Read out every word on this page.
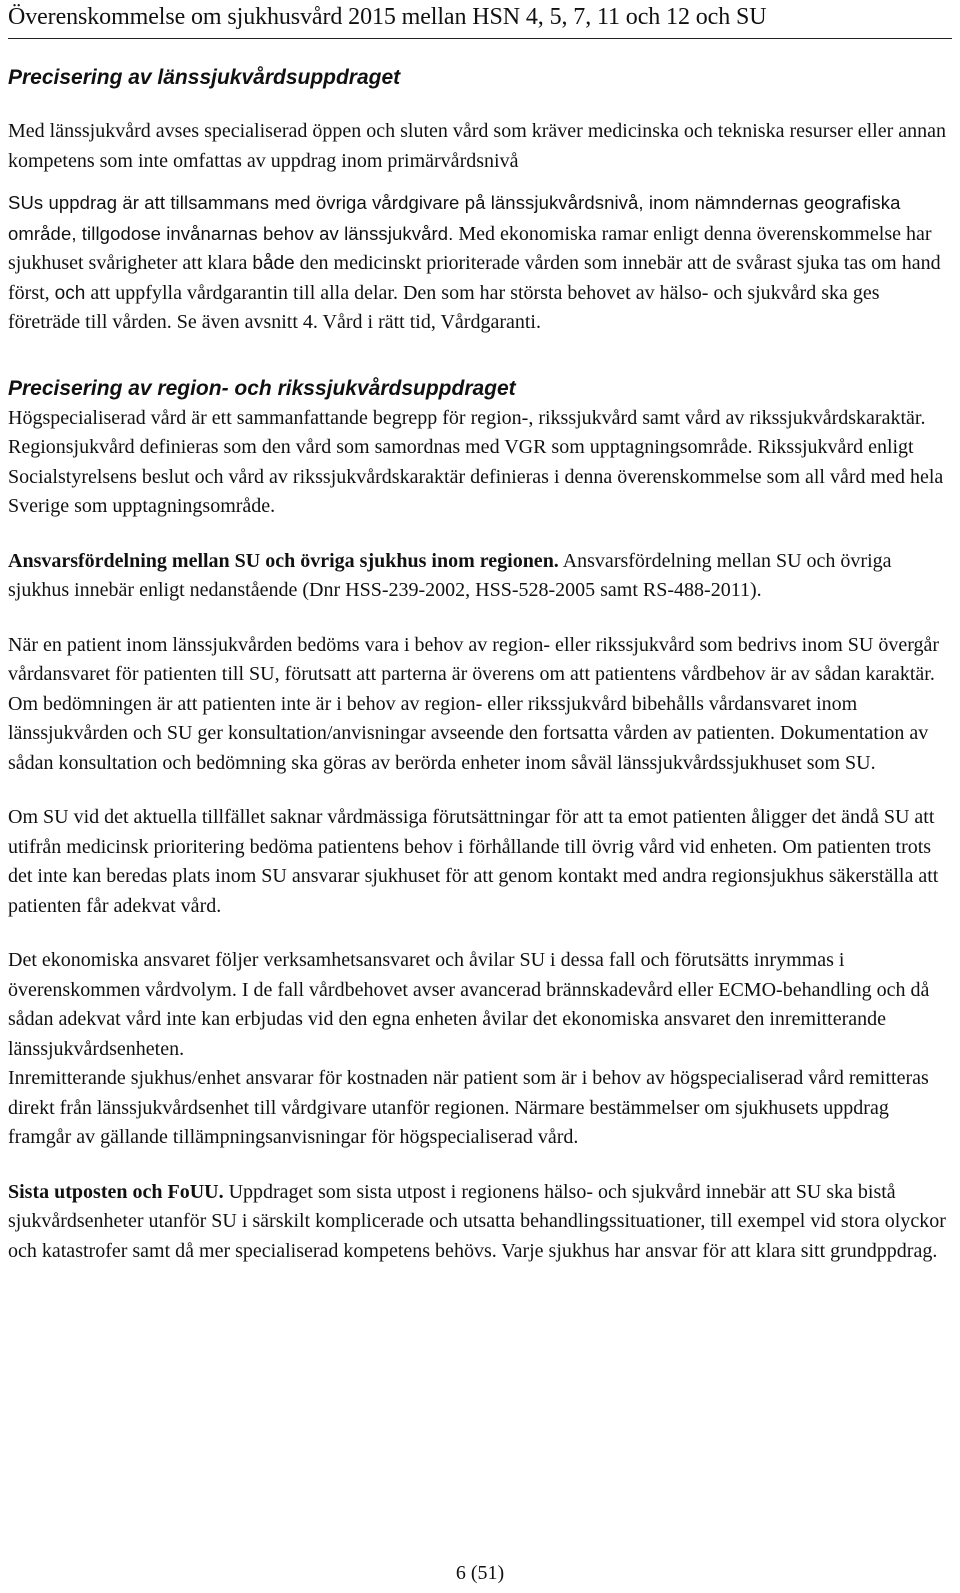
Överenskommelse om sjukhusvård 2015 mellan HSN 4, 5, 7, 11 och 12 och SU
Precisering av länssjukvårdsuppdraget

Med länssjukvård avses specialiserad öppen och sluten vård som kräver medicinska och tekniska resurser eller annan kompetens som inte omfattas av uppdrag inom primärvårdsnivå

SUs uppdrag är att tillsammans med övriga vårdgivare på länssjukvårdsnivå, inom nämndernas geografiska område, tillgodose invånarnas behov av länssjukvård. Med ekonomiska ramar enligt denna överenskommelse har sjukhuset svårigheter att klara både den medicinskt prioriterade vården som innebär att de svårast sjuka tas om hand först, och att uppfylla vårdgarantin till alla delar. Den som har största behovet av hälso- och sjukvård ska ges företräde till vården. Se även avsnitt 4. Vård i rätt tid, Vårdgaranti.

Precisering av region- och rikssjukvårdsuppdraget

Högspecialiserad vård är ett sammanfattande begrepp för region-, rikssjukvård samt vård av rikssjukvårdskaraktär. Regionsjukvård definieras som den vård som samordnas med VGR som upptagningsområde. Rikssjukvård enligt Socialstyrelsens beslut och vård av rikssjukvårdskaraktär definieras i denna överenskommelse som all vård med hela Sverige som upptagningsområde.

Ansvarsfördelning mellan SU och övriga sjukhus inom regionen. Ansvarsfördelning mellan SU och övriga sjukhus innebär enligt nedanstående (Dnr HSS-239-2002, HSS-528-2005 samt RS-488-2011).

När en patient inom länssjukvården bedöms vara i behov av region- eller rikssjukvård som bedrivs inom SU övergår vårdansvaret för patienten till SU, förutsatt att parterna är överens om att patientens vårdbehov är av sådan karaktär. Om bedömningen är att patienten inte är i behov av region- eller rikssjukvård bibehålls vårdansvaret inom länssjukvården och SU ger konsultation/anvisningar avseende den fortsatta vården av patienten. Dokumentation av sådan konsultation och bedömning ska göras av berörda enheter inom såväl länssjukvårdssjukhuset som SU.

Om SU vid det aktuella tillfället saknar vårdmässiga förutsättningar för att ta emot patienten åligger det ändå SU att utifrån medicinsk prioritering bedöma patientens behov i förhållande till övrig vård vid enheten. Om patienten trots det inte kan beredas plats inom SU ansvarar sjukhuset för att genom kontakt med andra regionsjukhus säkerställa att patienten får adekvat vård.

Det ekonomiska ansvaret följer verksamhetsansvaret och åvilar SU i dessa fall och förutsätts inrymmas i överenskommen vårdvolym. I de fall vårdbehovet avser avancerad brännskadevård eller ECMO-behandling och då sådan adekvat vård inte kan erbjudas vid den egna enheten åvilar det ekonomiska ansvaret den inremitterande länssjukvårdsenheten.

Inremitterande sjukhus/enhet ansvarar för kostnaden när patient som är i behov av högspecialiserad vård remitteras direkt från länssjukvårdsenhet till vårdgivare utanför regionen. Närmare bestämmelser om sjukhusets uppdrag framgår av gällande tillämpningsanvisningar för högspecialiserad vård.

Sista utposten och FoUU. Uppdraget som sista utpost i regionens hälso- och sjukvård innebär att SU ska bistå sjukvårdsenheter utanför SU i särskilt komplicerade och utsatta behandlingssituationer, till exempel vid stora olyckor och katastrofer samt då mer specialiserad kompetens behövs. Varje sjukhus har ansvar för att klara sitt grundppdrag.

6 (51)
